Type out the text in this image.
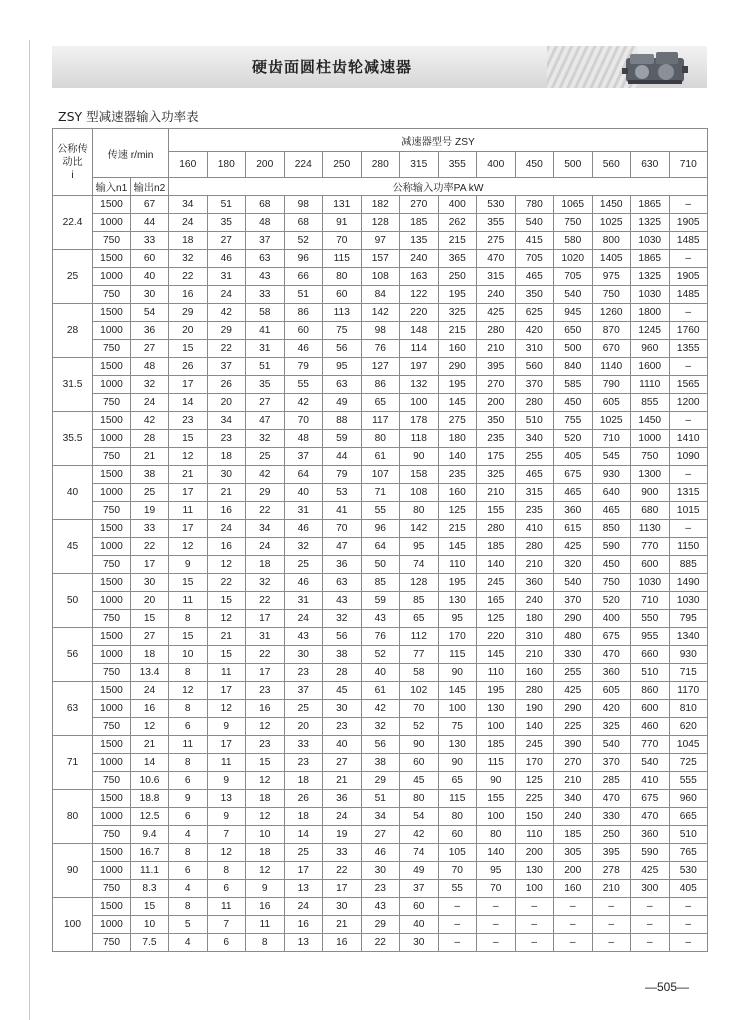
硬齿面圆柱齿轮减速器
ZSY 型减速器输入功率表
公称传
动比
i	传速 r/min		减速器型号 ZSY													
			160	180	200	224	250	280	315	355	400	450	500	560	630	710
	输入n1	输出n2	公称输入功率PA kW													
22.4	1500	67	34	51	68	98	131	182	270	400	530	780	1065	1450	1865	–
	1000	44	24	35	48	68	91	128	185	262	355	540	750	1025	1325	1905
	750	33	18	27	37	52	70	97	135	215	275	415	580	800	1030	1485
25	1500	60	32	46	63	96	115	157	240	365	470	705	1020	1405	1865	–
	1000	40	22	31	43	66	80	108	163	250	315	465	705	975	1325	1905
	750	30	16	24	33	51	60	84	122	195	240	350	540	750	1030	1485
28	1500	54	29	42	58	86	113	142	220	325	425	625	945	1260	1800	–
	1000	36	20	29	41	60	75	98	148	215	280	420	650	870	1245	1760
	750	27	15	22	31	46	56	76	114	160	210	310	500	670	960	1355
31.5	1500	48	26	37	51	79	95	127	197	290	395	560	840	1140	1600	–
	1000	32	17	26	35	55	63	86	132	195	270	370	585	790	1110	1565
	750	24	14	20	27	42	49	65	100	145	200	280	450	605	855	1200
35.5	1500	42	23	34	47	70	88	117	178	275	350	510	755	1025	1450	–
	1000	28	15	23	32	48	59	80	118	180	235	340	520	710	1000	1410
	750	21	12	18	25	37	44	61	90	140	175	255	405	545	750	1090
40	1500	38	21	30	42	64	79	107	158	235	325	465	675	930	1300	–
	1000	25	17	21	29	40	53	71	108	160	210	315	465	640	900	1315
	750	19	11	16	22	31	41	55	80	125	155	235	360	465	680	1015
45	1500	33	17	24	34	46	70	96	142	215	280	410	615	850	1130	–
	1000	22	12	16	24	32	47	64	95	145	185	280	425	590	770	1150
	750	17	9	12	18	25	36	50	74	110	140	210	320	450	600	885
50	1500	30	15	22	32	46	63	85	128	195	245	360	540	750	1030	1490
	1000	20	11	15	22	31	43	59	85	130	165	240	370	520	710	1030
	750	15	8	12	17	24	32	43	65	95	125	180	290	400	550	795
56	1500	27	15	21	31	43	56	76	112	170	220	310	480	675	955	1340
	1000	18	10	15	22	30	38	52	77	115	145	210	330	470	660	930
	750	13.4	8	11	17	23	28	40	58	90	110	160	255	360	510	715
63	1500	24	12	17	23	37	45	61	102	145	195	280	425	605	860	1170
	1000	16	8	12	16	25	30	42	70	100	130	190	290	420	600	810
	750	12	6	9	12	20	23	32	52	75	100	140	225	325	460	620
71	1500	21	11	17	23	33	40	56	90	130	185	245	390	540	770	1045
	1000	14	8	11	15	23	27	38	60	90	115	170	270	370	540	725
	750	10.6	6	9	12	18	21	29	45	65	90	125	210	285	410	555
80	1500	18.8	9	13	18	26	36	51	80	115	155	225	340	470	675	960
	1000	12.5	6	9	12	18	24	34	54	80	100	150	240	330	470	665
	750	9.4	4	7	10	14	19	27	42	60	80	110	185	250	360	510
90	1500	16.7	8	12	18	25	33	46	74	105	140	200	305	395	590	765
	1000	11.1	6	8	12	17	22	30	49	70	95	130	200	278	425	530
	750	8.3	4	6	9	13	17	23	37	55	70	100	160	210	300	405
100	1500	15	8	11	16	24	30	43	60	–	–	–	–	–	–	–
	1000	10	5	7	11	16	21	29	40	–	–	–	–	–	–	–
	750	7.5	4	6	8	13	16	22	30	–	–	–	–	–	–	–
—505—
